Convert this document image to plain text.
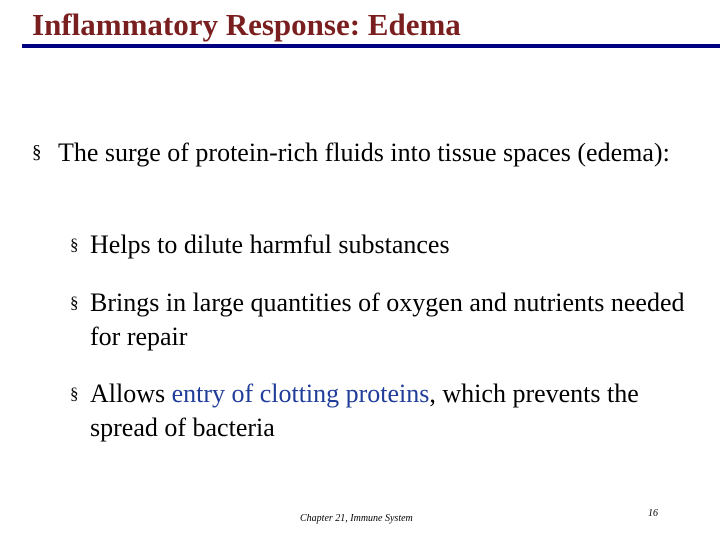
Inflammatory Response: Edema
§ The surge of protein-rich fluids into tissue spaces (edema):
§ Helps to dilute harmful substances
§ Brings in large quantities of oxygen and nutrients needed for repair
§ Allows entry of clotting proteins, which prevents the spread of bacteria
Chapter 21, Immune System	16
